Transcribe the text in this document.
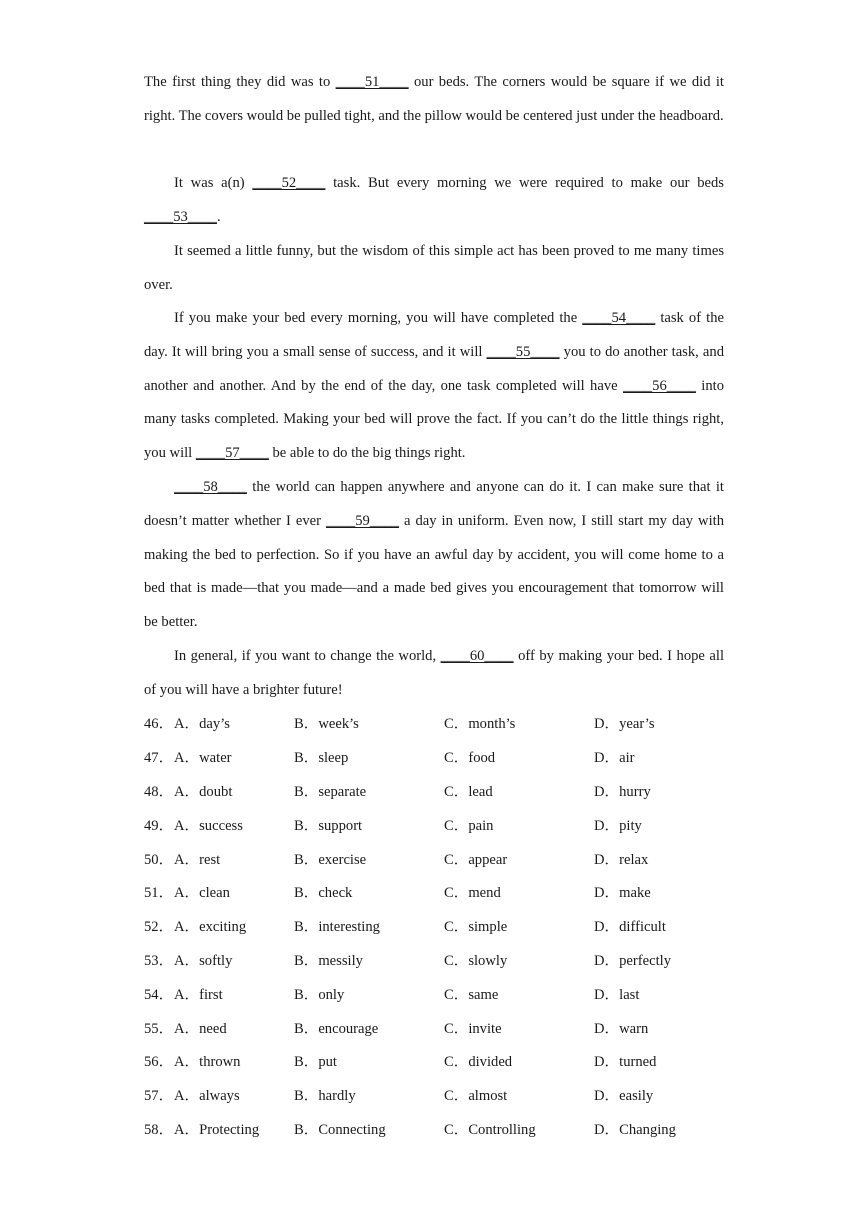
The first thing they did was to ____51____ our beds. The corners would be square if we did it right. The covers would be pulled tight, and the pillow would be centered just under the headboard.

It was a(n) ____52____ task. But every morning we were required to make our beds ____53____.

It seemed a little funny, but the wisdom of this simple act has been proved to me many times over.

If you make your bed every morning, you will have completed the ____54____ task of the day. It will bring you a small sense of success, and it will ____55____ you to do another task, and another and another. And by the end of the day, one task completed will have ____56____ into many tasks completed. Making your bed will prove the fact. If you can’t do the little things right, you will ____57____ be able to do the big things right.

____58____ the world can happen anywhere and anyone can do it. I can make sure that it doesn’t matter whether I ever ____59____ a day in uniform. Even now, I still start my day with making the bed to perfection. So if you have an awful day by accident, you will come home to a bed that is made—that you made—and a made bed gives you encouragement that tomorrow will be better.

In general, if you want to change the world, ____60____ off by making your bed. I hope all of you will have a brighter future!

46． A．day’s	B．week’s	C．month’s	D．year’s
47． A．water	B．sleep	C．food	D．air
48． A．doubt	B．separate	C．lead	D．hurry
49． A．success	B．support	C．pain	D．pity
50． A．rest	B．exercise	C．appear	D．relax
51． A．clean	B．check	C．mend	D．make
52． A．exciting	B．interesting	C．simple	D．difficult
53． A．softly	B．messily	C．slowly	D．perfectly
54． A．first	B．only	C．same	D．last
55． A．need	B．encourage	C．invite	D．warn
56． A．thrown	B．put	C．divided	D．turned
57． A．always	B．hardly	C．almost	D．easily
58． A．Protecting B．Connecting	C．Controlling	D．Changing
